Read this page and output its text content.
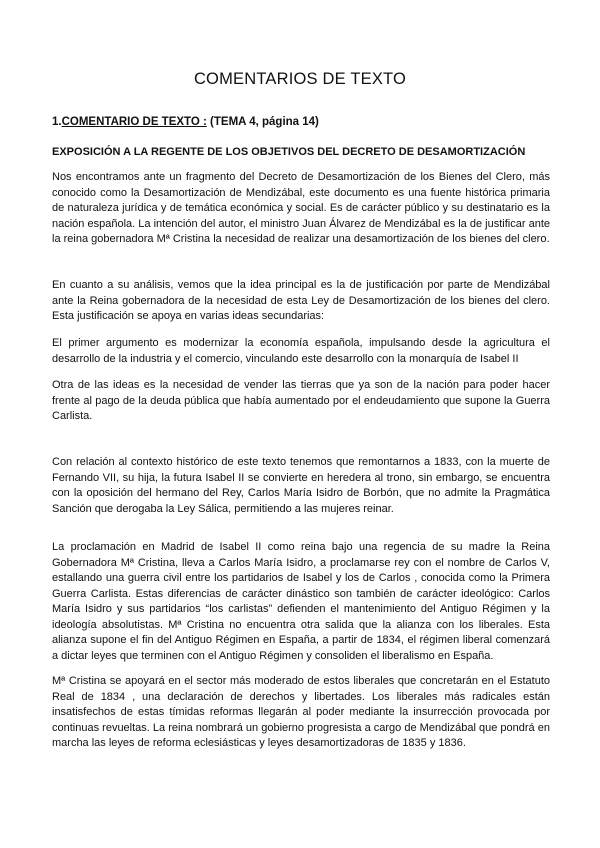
COMENTARIOS DE TEXTO
1.COMENTARIO DE TEXTO : (TEMA 4, página 14)
EXPOSICIÓN A LA REGENTE DE LOS OBJETIVOS DEL DECRETO DE DESAMORTIZACIÓN

Nos encontramos ante un fragmento del Decreto de Desamortización de los Bienes del Clero, más conocido como la Desamortización de Mendizábal, este documento es una fuente histórica primaria de naturaleza jurídica y de temática económica y social. Es de carácter público y su destinatario es la nación española. La intención del autor, el ministro Juan Álvarez de Mendizábal es la de justificar ante la reina gobernadora Mª Cristina la necesidad de realizar una desamortización de los bienes del clero.

En cuanto a su análisis, vemos que la idea principal es la de justificación por parte de Mendizábal ante la Reina gobernadora de la necesidad de esta Ley de Desamortización de los bienes del clero. Esta justificación se apoya en varias ideas secundarias:

El primer argumento es modernizar la economía española, impulsando desde la agricultura el desarrollo de la industria y el comercio, vinculando este desarrollo con la monarquía de Isabel II

Otra de las ideas es la necesidad de vender las tierras que ya son de la nación para poder hacer frente al pago de la deuda pública que había aumentado por el endeudamiento que supone la Guerra Carlista.

Con relación al contexto histórico de este texto tenemos que remontarnos a 1833, con la muerte de Fernando VII, su hija, la futura Isabel II se convierte en heredera al trono, sin embargo, se encuentra con la oposición del hermano del Rey, Carlos María Isidro de Borbón, que no admite la Pragmática Sanción que derogaba la Ley Sálica, permitiendo a las mujeres reinar.

La proclamación en Madrid de Isabel II como reina bajo una regencia de su madre la Reina Gobernadora Mª Cristina, lleva a Carlos María Isidro, a proclamarse rey con el nombre de Carlos V, estallando una guerra civil entre los partidarios de Isabel y los de Carlos , conocida como la Primera Guerra Carlista. Estas diferencias de carácter dinástico son también de carácter ideológico: Carlos María Isidro y sus partidarios “los carlistas” defienden el mantenimiento del Antiguo Régimen y la ideología absolutistas. Mª Cristina no encuentra otra salida que la alianza con los liberales. Esta alianza supone el fin del Antiguo Régimen en España, a partir de 1834, el régimen liberal comenzará a dictar leyes que terminen con el Antiguo Régimen y consoliden el liberalismo en España.

Mª Cristina se apoyará en el sector más moderado de estos liberales que concretarán en el Estatuto Real de 1834 , una declaración de derechos y libertades. Los liberales más radicales están insatisfechos de estas tímidas reformas llegarán al poder mediante la insurrección provocada por continuas revueltas. La reina nombrará un gobierno progresista a cargo de Mendizábal que pondrá en marcha las leyes de reforma eclesiásticas y leyes desamortizadoras de 1835 y 1836.
